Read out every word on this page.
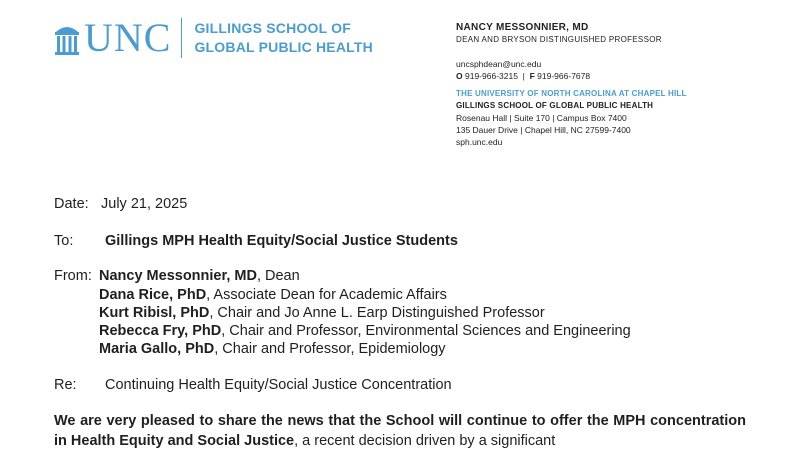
UNC GILLINGS SCHOOL OF
GLOBAL PUBLIC HEALTH
NANCY MESSONNIER, MD
DEAN AND BRYSON DISTINGUISHED PROFESSOR
uncsphdean@unc.edu
O 919-966-3215  |  F 919-966-7678
THE UNIVERSITY OF NORTH CAROLINA AT CHAPEL HILL
GILLINGS SCHOOL OF GLOBAL PUBLIC HEALTH
Rosenau Hall | Suite 170 | Campus Box 7400
135 Dauer Drive | Chapel Hill, NC 27599-7400
sph.unc.edu
Date: July 21, 2025
To: Gillings MPH Health Equity/Social Justice Students
From: Nancy Messonnier, MD, Dean
Dana Rice, PhD, Associate Dean for Academic Affairs
Kurt Ribisl, PhD, Chair and Jo Anne L. Earp Distinguished Professor
Rebecca Fry, PhD, Chair and Professor, Environmental Sciences and Engineering
Maria Gallo, PhD, Chair and Professor, Epidemiology
Re: Continuing Health Equity/Social Justice Concentration
We are very pleased to share the news that the School will continue to offer the MPH concentration in Health Equity and Social Justice, a recent decision driven by a significant
